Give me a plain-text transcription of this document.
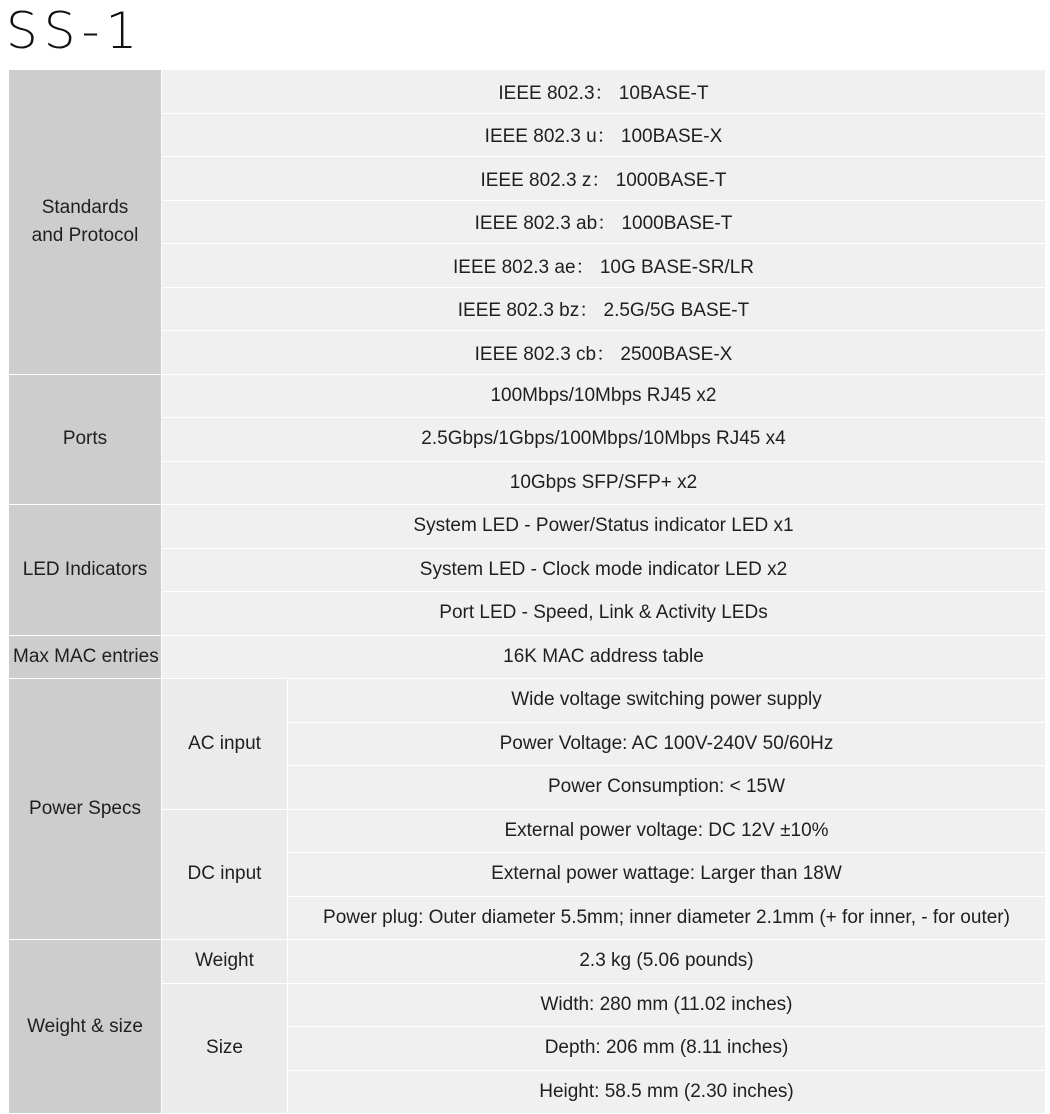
SS-1
Standards
and Protocol	IEEE 802.3： 10BASE-T	
	IEEE 802.3 u： 100BASE-X	
	IEEE 802.3 z： 1000BASE-T	
	IEEE 802.3 ab： 1000BASE-T	
	IEEE 802.3 ae： 10G BASE-SR/LR	
	IEEE 802.3 bz： 2.5G/5G BASE-T	
	IEEE 802.3 cb： 2500BASE-X	
Ports	100Mbps/10Mbps RJ45 x2	
	2.5Gbps/1Gbps/100Mbps/10Mbps RJ45 x4	
	10Gbps SFP/SFP+ x2	
LED Indicators	System LED - Power/Status indicator LED x1	
	System LED - Clock mode indicator LED x2	
	Port LED - Speed, Link & Activity LEDs	
Max MAC entries	16K MAC address table	
Power Specs	AC input	Wide voltage switching power supply
		Power Voltage: AC 100V-240V 50/60Hz
		Power Consumption: < 15W
	DC input	External power voltage: DC 12V ±10%
		External power wattage: Larger than 18W
		Power plug: Outer diameter 5.5mm; inner diameter 2.1mm (+ for inner, - for outer)
Weight & size	Weight	2.3 kg (5.06 pounds)
	Size	Width: 280 mm (11.02 inches)
		Depth: 206 mm (8.11 inches)
		Height: 58.5 mm (2.30 inches)
